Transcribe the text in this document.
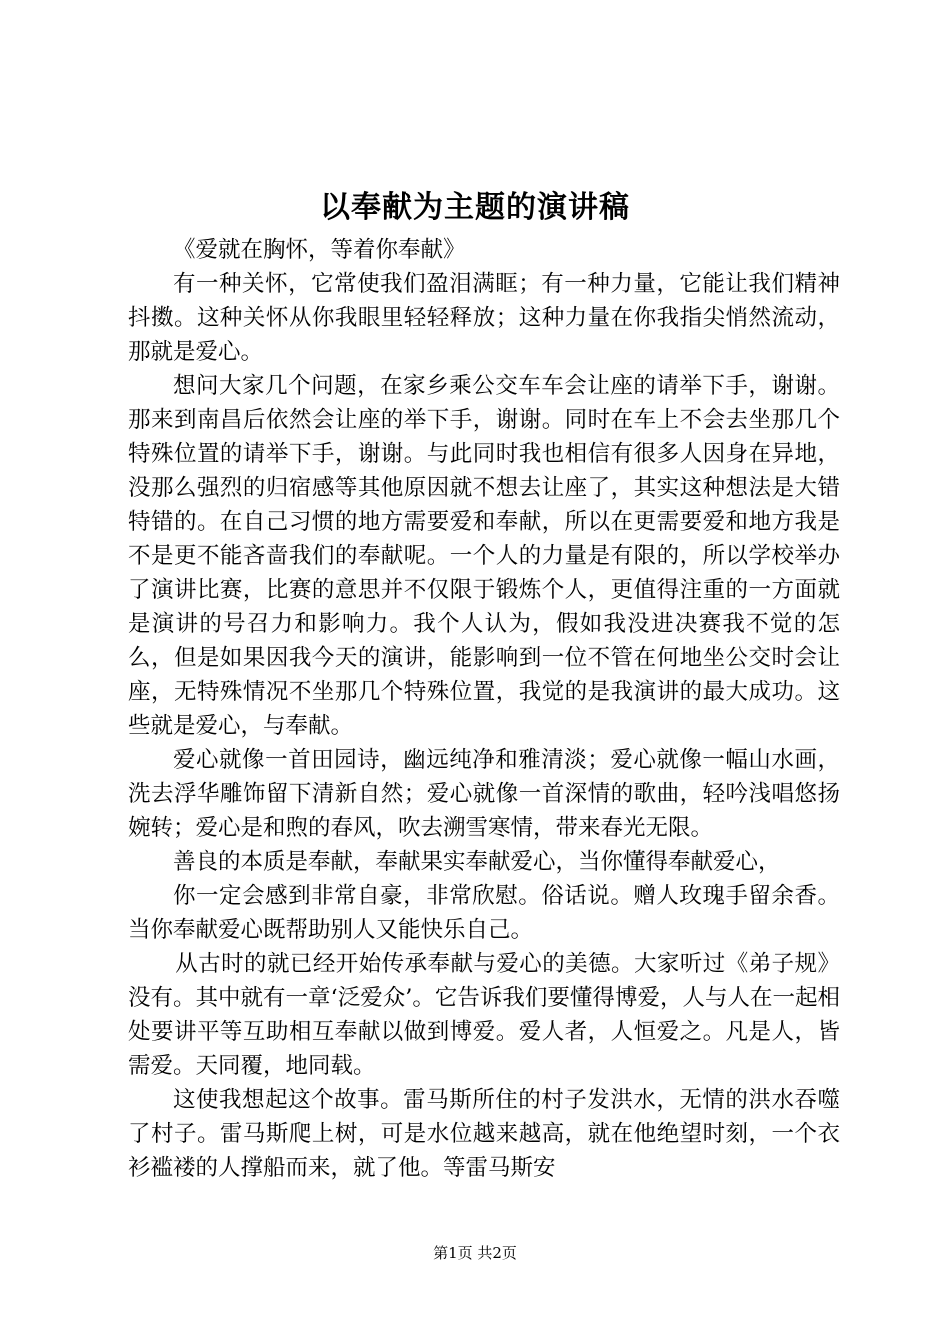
以奉献为主题的演讲稿

《爱就在胸怀，等着你奉献》

有一种关怀，它常使我们盈泪满眶；有一种力量，它能让我们精神抖擞。这种关怀从你我眼里轻轻释放；这种力量在你我指尖悄然流动，那就是爱心。

想问大家几个问题，在家乡乘公交车车会让座的请举下手，谢谢。那来到南昌后依然会让座的举下手，谢谢。同时在车上不会去坐那几个特殊位置的请举下手，谢谢。与此同时我也相信有很多人因身在异地，没那么强烈的归宿感等其他原因就不想去让座了，其实这种想法是大错特错的。在自己习惯的地方需要爱和奉献，所以在更需要爱和地方我是不是更不能吝啬我们的奉献呢。一个人的力量是有限的，所以学校举办了演讲比赛，比赛的意思并不仅限于锻炼个人，更值得注重的一方面就是演讲的号召力和影响力。我个人认为，假如我没进决赛我不觉的怎么，但是如果因我今天的演讲，能影响到一位不管在何地坐公交时会让座，无特殊情况不坐那几个特殊位置，我觉的是我演讲的最大成功。这些就是爱心，与奉献。

爱心就像一首田园诗，幽远纯净和雅清淡；爱心就像一幅山水画，洗去浮华雕饰留下清新自然；爱心就像一首深情的歌曲，轻吟浅唱悠扬婉转；爱心是和煦的春风，吹去溯雪寒情，带来春光无限。

善良的本质是奉献，奉献果实奉献爱心，当你懂得奉献爱心，

你一定会感到非常自豪，非常欣慰。俗话说。赠人玫瑰手留余香。当你奉献爱心既帮助别人又能快乐自己。

从古时的就已经开始传承奉献与爱心的美德。大家听过《弟子规》没有。其中就有一章‘泛爱众’。它告诉我们要懂得博爱，人与人在一起相处要讲平等互助相互奉献以做到博爱。爱人者，人恒爱之。凡是人，皆需爱。天同覆，地同载。

这使我想起这个故事。雷马斯所住的村子发洪水，无情的洪水吞噬了村子。雷马斯爬上树，可是水位越来越高，就在他绝望时刻，一个衣衫褴褛的人撑船而来，就了他。等雷马斯安

第1页 共2页
